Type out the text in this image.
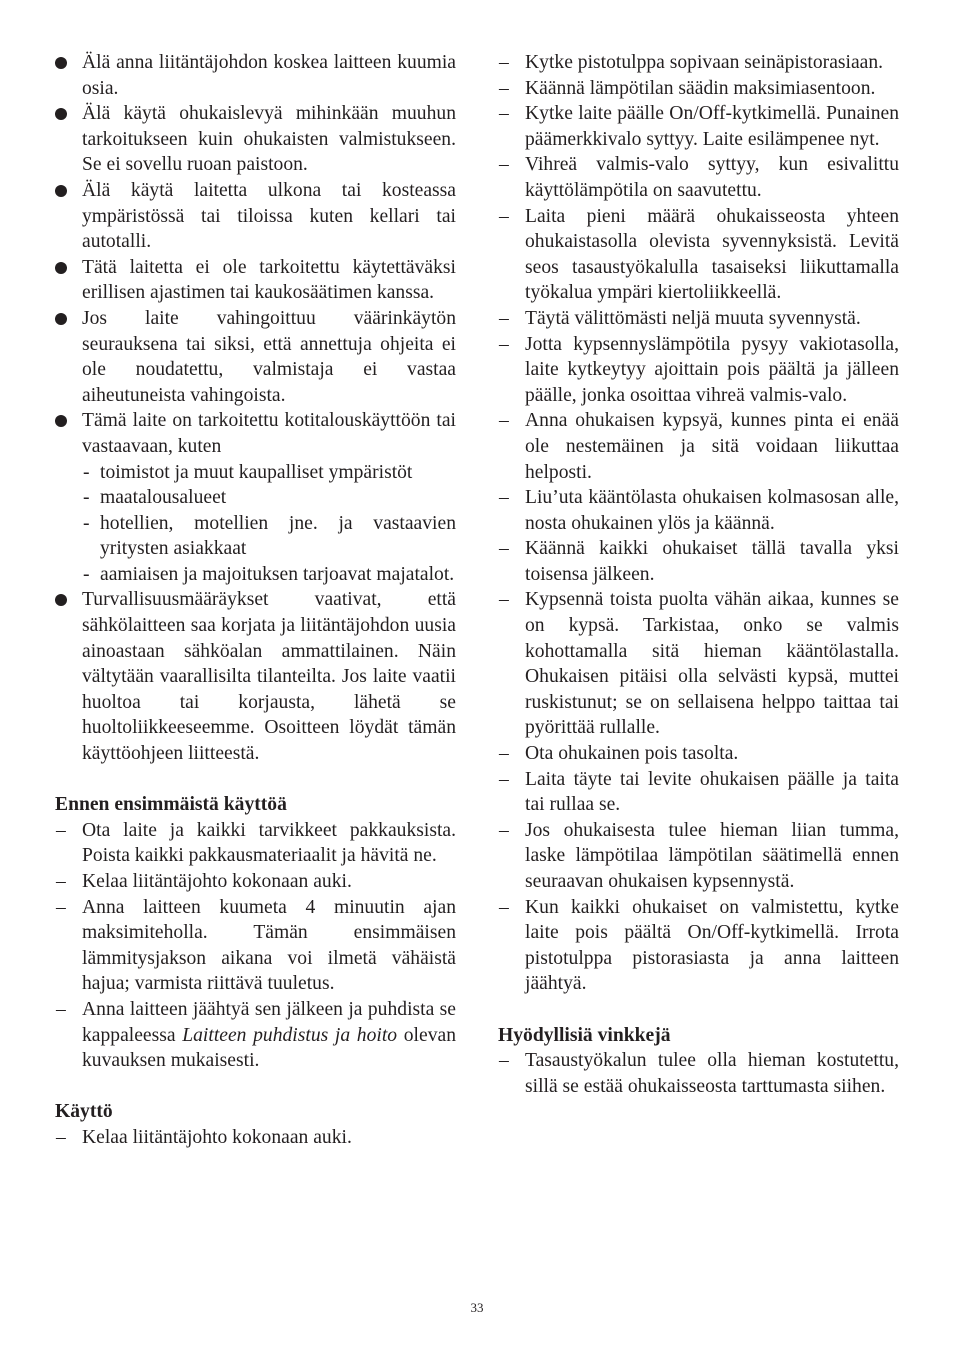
Älä anna liitäntäjohdon koskea laitteen kuumia osia.
Älä käytä ohukaislevyä mihinkään muuhun tarkoitukseen kuin ohukaisten valmistukseen. Se ei sovellu ruoan paistoon.
Älä käytä laitetta ulkona tai kosteassa ympäristössä tai tiloissa kuten kellari tai autotalli.
Tätä laitetta ei ole tarkoitettu käytettäväksi erillisen ajastimen tai kaukosäätimen kanssa.
Jos laite vahingoittuu väärinkäytön seurauksena tai siksi, että annettuja ohjeita ei ole noudatettu, valmistaja ei vastaa aiheutuneista vahingoista.
Tämä laite on tarkoitettu kotitalouskäyttöön tai vastaavaan, kuten
- toimistot ja muut kaupalliset ympäristöt
- maatalousalueet
- hotellien, motellien jne. ja vastaavien yritysten asiakkaat
- aamiaisen ja majoituksen tarjoavat majatalot.
Turvallisuusmääräykset vaativat, että sähkölaitteen saa korjata ja liitäntäjohdon uusia ainoastaan sähköalan ammattilainen. Näin vältytään vaarallisilta tilanteilta. Jos laite vaatii huoltoa tai korjausta, lähetä se huoltoliikkeeseemme. Osoitteen löydät tämän käyttöohjeen liitteestä.
Ennen ensimmäistä käyttöä
– Ota laite ja kaikki tarvikkeet pakkauksista. Poista kaikki pakkausmateriaalit ja hävitä ne.
– Kelaa liitäntäjohto kokonaan auki.
– Anna laitteen kuumeta 4 minuutin ajan maksimiteholla. Tämän ensimmäisen lämmitysjakson aikana voi ilmetä vähäistä hajua; varmista riittävä tuuletus.
– Anna laitteen jäähtyä sen jälkeen ja puhdista se kappaleessa Laitteen puhdistus ja hoito olevan kuvauksen mukaisesti.
Käyttö
– Kelaa liitäntäjohto kokonaan auki.
– Kytke pistotulppa sopivaan seinäpistorasiaan.
– Käännä lämpötilan säädin maksimiasentoon.
– Kytke laite päälle On/Off-kytkimellä. Punainen päämerkkivalo syttyy. Laite esilämpenee nyt.
– Vihreä valmis-valo syttyy, kun esivalittu käyttölämpötila on saavutettu.
– Laita pieni määrä ohukaisseosta yhteen ohukaistasolla olevista syvennyksistä. Levitä seos tasaustyökalulla tasaiseksi liikuttamalla työkalua ympäri kiertoliikkeellä.
– Täytä välittömästi neljä muuta syvennystä.
– Jotta kypsennyslämpötila pysyy vakiotasolla, laite kytkeytyy ajoittain pois päältä ja jälleen päälle, jonka osoittaa vihreä valmis-valo.
– Anna ohukaisen kypsyä, kunnes pinta ei enää ole nestemäinen ja sitä voidaan liikuttaa helposti.
– Liu’uta kääntölasta ohukaisen kolmasosan alle, nosta ohukainen ylös ja käännä.
– Käännä kaikki ohukaiset tällä tavalla yksi toisensa jälkeen.
– Kypsennä toista puolta vähän aikaa, kunnes se on kypsä. Tarkistaa, onko se valmis kohottamalla sitä hieman kääntölastalla. Ohukaisen pitäisi olla selvästi kypsä, muttei ruskistunut; se on sellaisena helppo taittaa tai pyörittää rullalle.
– Ota ohukainen pois tasolta.
– Laita täyte tai levite ohukaisen päälle ja taita tai rullaa se.
– Jos ohukaisesta tulee hieman liian tumma, laske lämpötilaa lämpötilan säätimellä ennen seuraavan ohukaisen kypsennystä.
– Kun kaikki ohukaiset on valmistettu, kytke laite pois päältä On/Off-kytkimellä. Irrota pistotulppa pistorasiasta ja anna laitteen jäähtyä.
Hyödyllisiä vinkkejä
– Tasaustyökalun tulee olla hieman kostutettu, sillä se estää ohukaisseosta tarttumasta siihen.
33
